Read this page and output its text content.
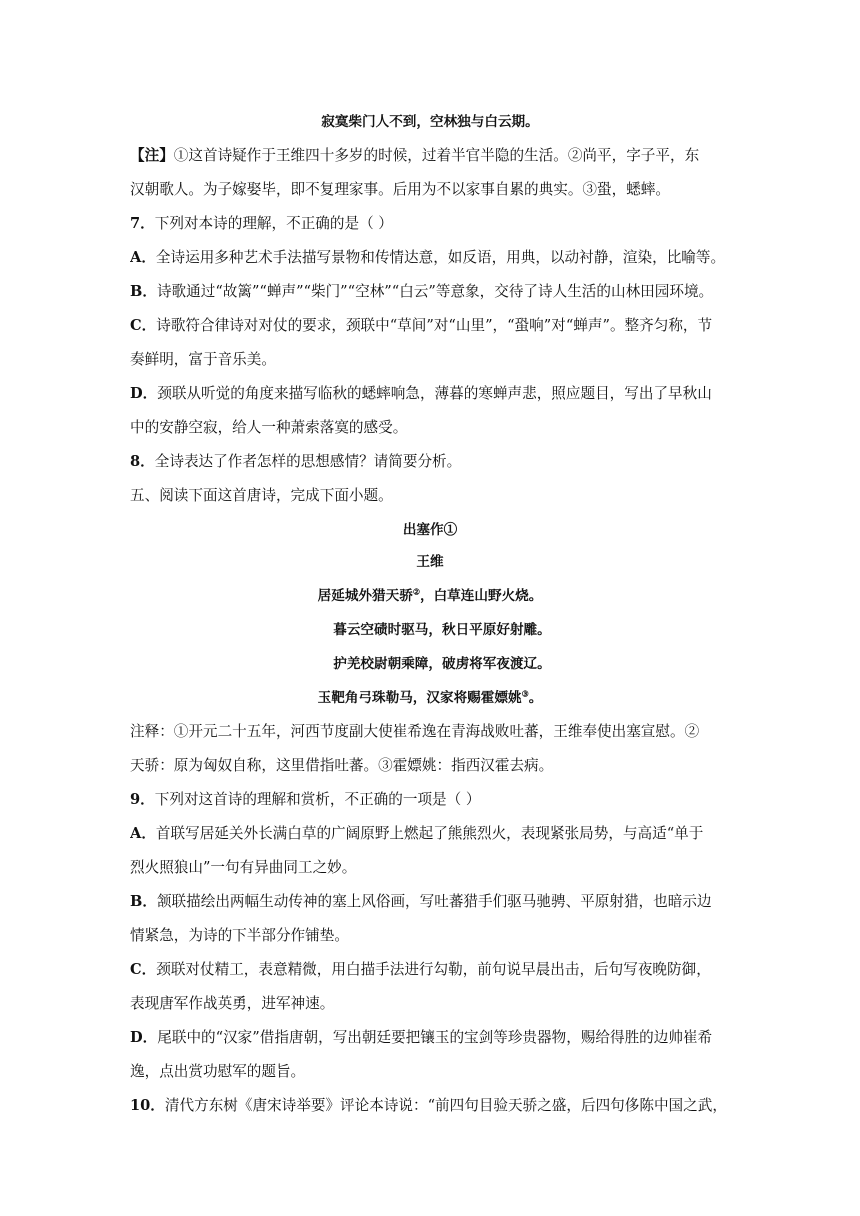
寂寞柴门人不到，空林独与白云期。
【注】①这首诗疑作于王维四十多岁的时候，过着半官半隐的生活。②尚平，字子平，东
汉朝歌人。为子嫁娶毕，即不复理家事。后用为不以家事自累的典实。③蛩，蟋蟀。
7．下列对本诗的理解，不正确的是（ ）
A．全诗运用多种艺术手法描写景物和传情达意，如反语，用典，以动衬静，渲染，比喻等。
B．诗歌通过“故篱”“蝉声”“柴门”“空林”“白云”等意象，交待了诗人生活的山林田园环境。
C．诗歌符合律诗对对仗的要求，颈联中“草间”对“山里”，“蛩响”对“蝉声”。整齐匀称，节
奏鲜明，富于音乐美。
D．颈联从听觉的角度来描写临秋的蟋蟀响急，薄暮的寒蝉声悲，照应题目，写出了早秋山
中的安静空寂，给人一种萧索落寞的感受。
8．全诗表达了作者怎样的思想感情？请简要分析。
五、阅读下面这首唐诗，完成下面小题。
出塞作①
王维
居延城外猎天骄②，白草连山野火烧。
暮云空碛时驱马，秋日平原好射雕。
护羌校尉朝乘障，破虏将军夜渡辽。
玉靶角弓珠勒马，汉家将赐霍嫖姚③。
注释：①开元二十五年，河西节度副大使崔希逸在青海战败吐蕃，王维奉使出塞宣慰。②
天骄：原为匈奴自称，这里借指吐蕃。③霍嫖姚：指西汉霍去病。
9．下列对这首诗的理解和赏析，不正确的一项是（ ）
A．首联写居延关外长满白草的广阔原野上燃起了熊熊烈火，表现紧张局势，与高适“单于
烈火照狼山”一句有异曲同工之妙。
B．颔联描绘出两幅生动传神的塞上风俗画，写吐蕃猎手们驱马驰骋、平原射猎，也暗示边
情紧急，为诗的下半部分作铺垫。
C．颈联对仗精工，表意精微，用白描手法进行勾勒，前句说早晨出击，后句写夜晚防御，
表现唐军作战英勇，进军神速。
D．尾联中的“汉家”借指唐朝，写出朝廷要把镶玉的宝剑等珍贵器物，赐给得胜的边帅崔希
逸，点出赏功慰军的题旨。
10．清代方东树《唐宋诗举要》评论本诗说：“前四句目验天骄之盛，后四句侈陈中国之武，
